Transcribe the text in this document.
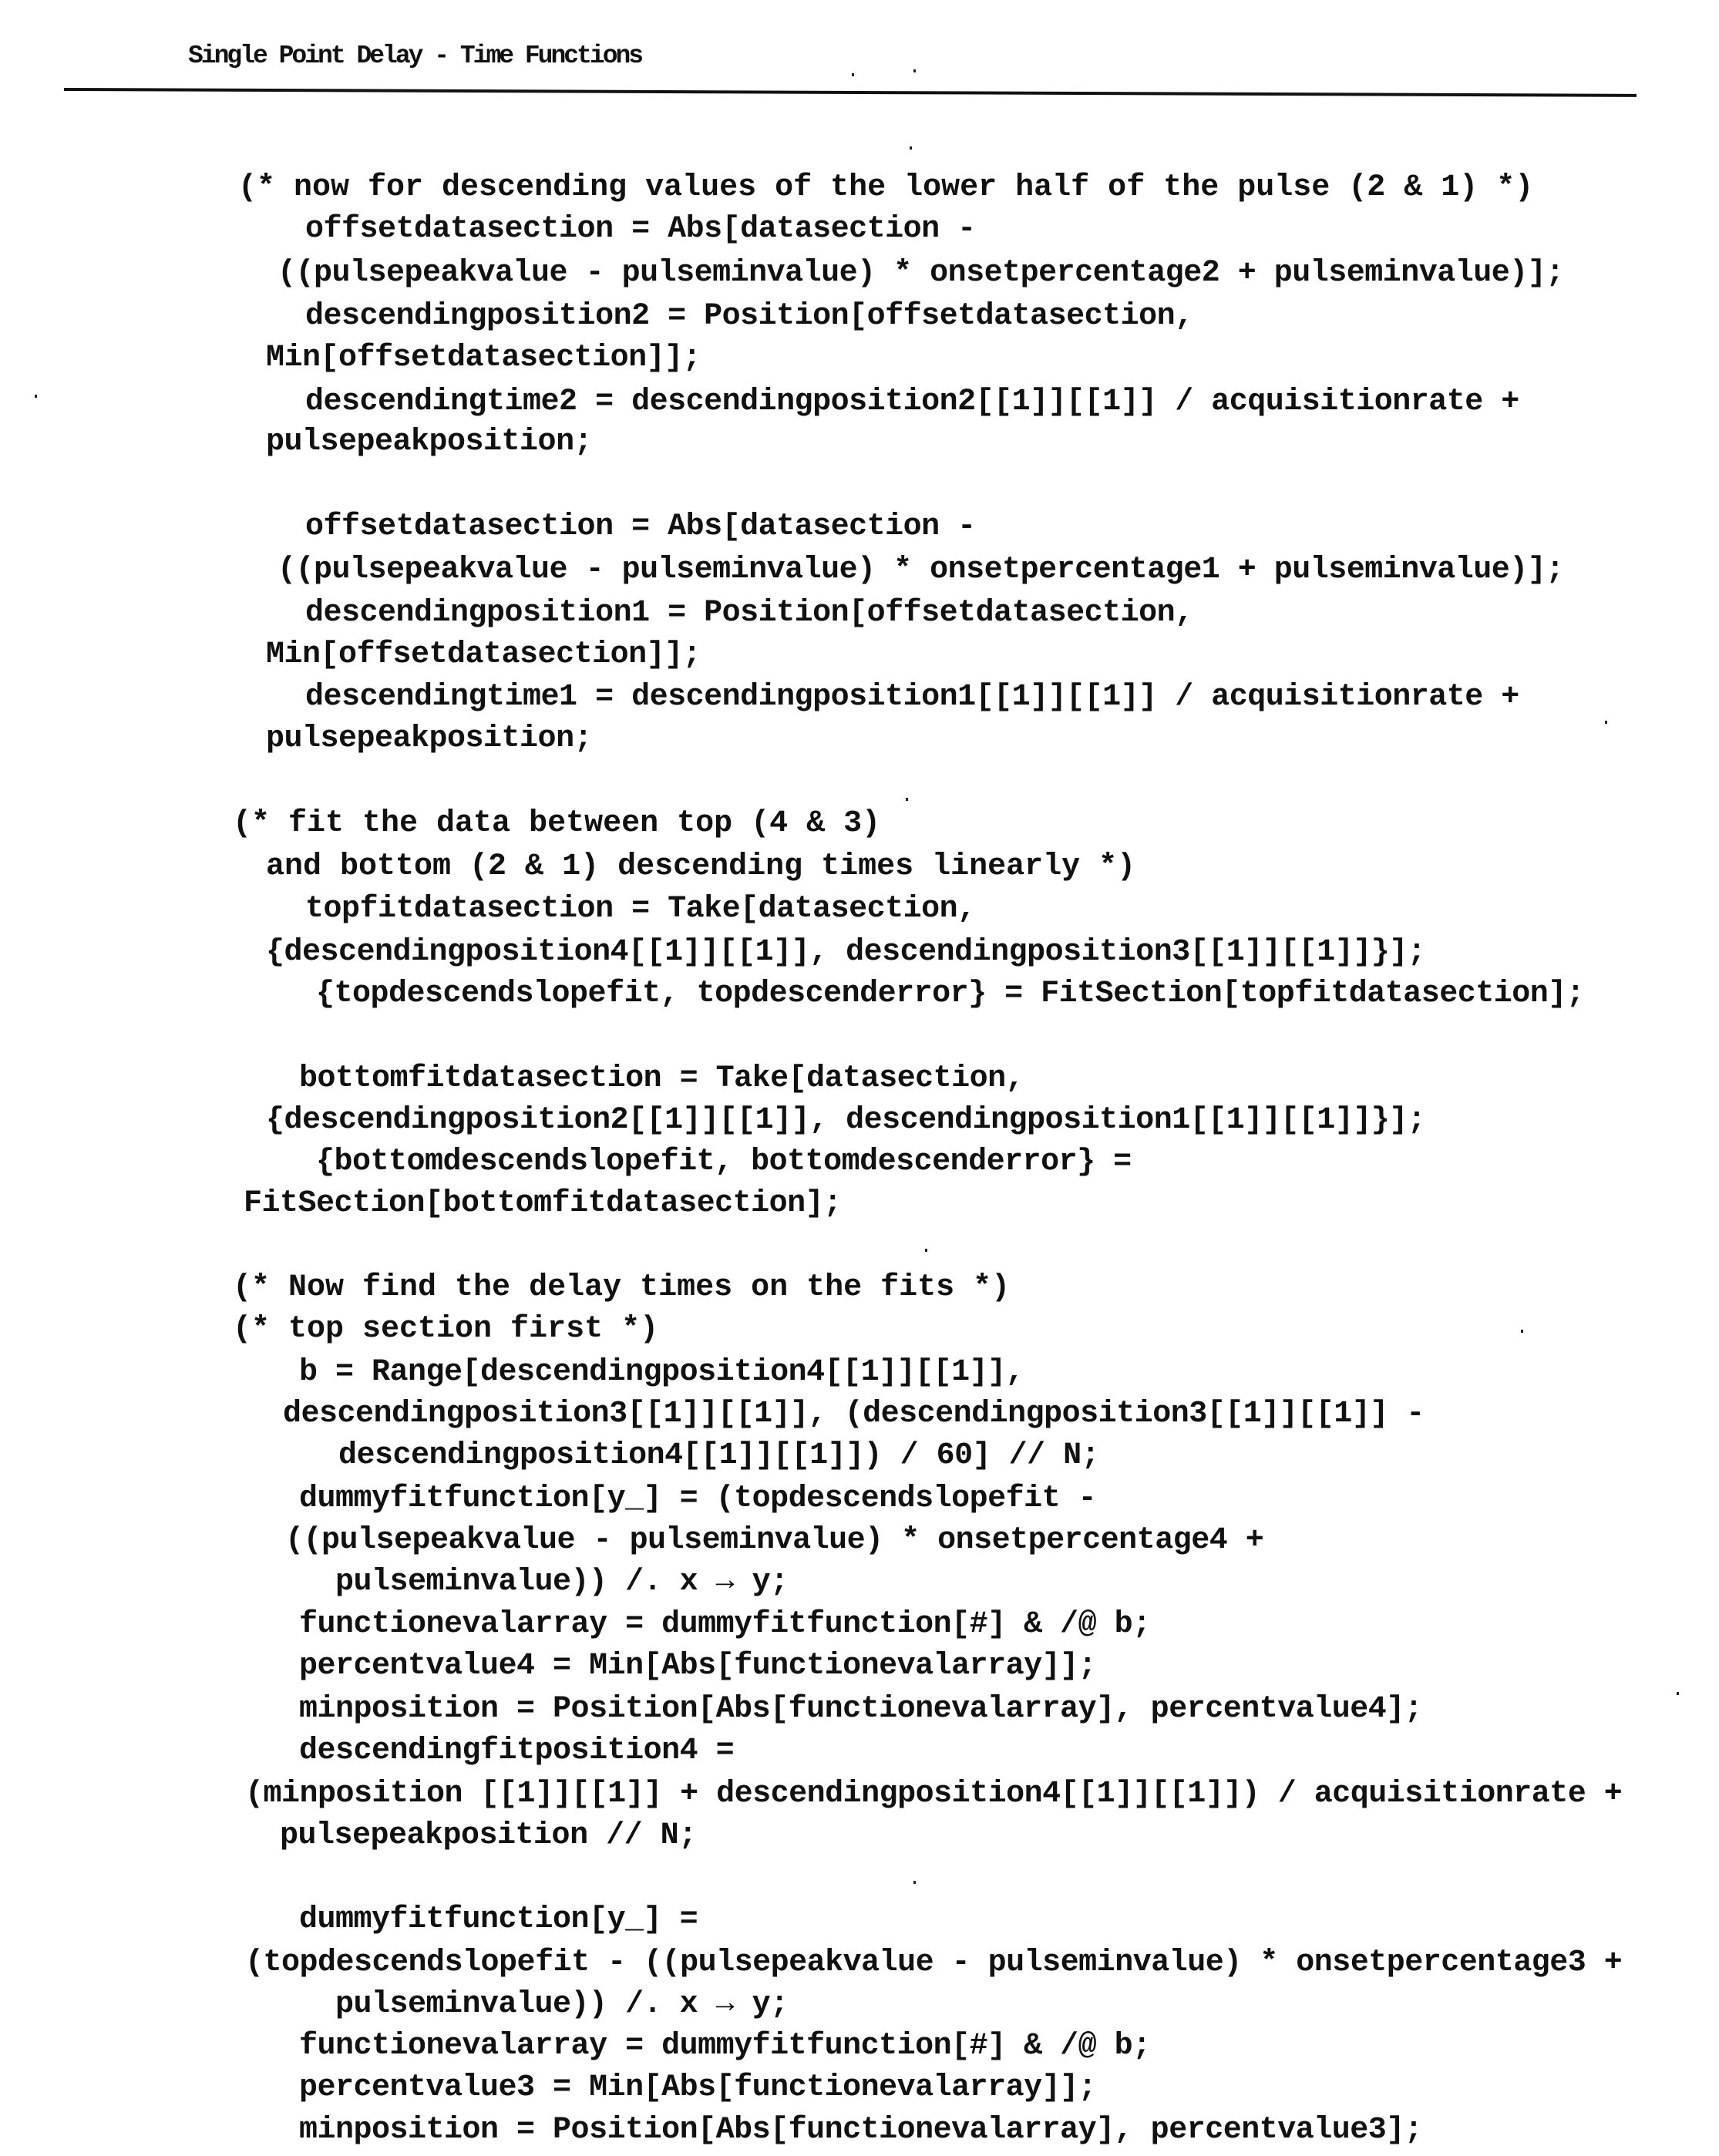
Single Point Delay - Time Functions
(* now for descending values of the lower half of the pulse (2 & 1) *)
offsetdatasection = Abs[datasection -
((pulsepeakvalue - pulseminvalue) * onsetpercentage2 + pulseminvalue)];
descendingposition2 = Position[offsetdatasection,
Min[offsetdatasection]];
descendingtime2 = descendingposition2[[1]][[1]] / acquisitionrate +
pulsepeakposition;
offsetdatasection = Abs[datasection -
((pulsepeakvalue - pulseminvalue) * onsetpercentage1 + pulseminvalue)];
descendingposition1 = Position[offsetdatasection,
Min[offsetdatasection]];
descendingtime1 = descendingposition1[[1]][[1]] / acquisitionrate +
pulsepeakposition;
(* fit the data between top (4 & 3)
and bottom (2 & 1) descending times linearly *)
topfitdatasection = Take[datasection,
{descendingposition4[[1]][[1]], descendingposition3[[1]][[1]]}];
{topdescendslopefit, topdescenderror} = FitSection[topfitdatasection];
bottomfitdatasection = Take[datasection,
{descendingposition2[[1]][[1]], descendingposition1[[1]][[1]]}];
{bottomdescendslopefit, bottomdescenderror} =
FitSection[bottomfitdatasection];
(* Now find the delay times on the fits *)
(* top section first *)
b = Range[descendingposition4[[1]][[1]],
descendingposition3[[1]][[1]], (descendingposition3[[1]][[1]] -
descendingposition4[[1]][[1]]) / 60] // N;
dummyfitfunction[y_] = (topdescendslopefit -
((pulsepeakvalue - pulseminvalue) * onsetpercentage4 +
pulseminvalue)) /. x → y;
functionevalarray = dummyfitfunction[#] & /@ b;
percentvalue4 = Min[Abs[functionevalarray]];
minposition = Position[Abs[functionevalarray], percentvalue4];
descendingfitposition4 =
(minposition [[1]][[1]] + descendingposition4[[1]][[1]]) / acquisitionrate +
pulsepeakposition // N;
dummyfitfunction[y_] =
(topdescendslopefit - ((pulsepeakvalue - pulseminvalue) * onsetpercentage3 +
pulseminvalue)) /. x → y;
functionevalarray = dummyfitfunction[#] & /@ b;
percentvalue3 = Min[Abs[functionevalarray]];
minposition = Position[Abs[functionevalarray], percentvalue3];
